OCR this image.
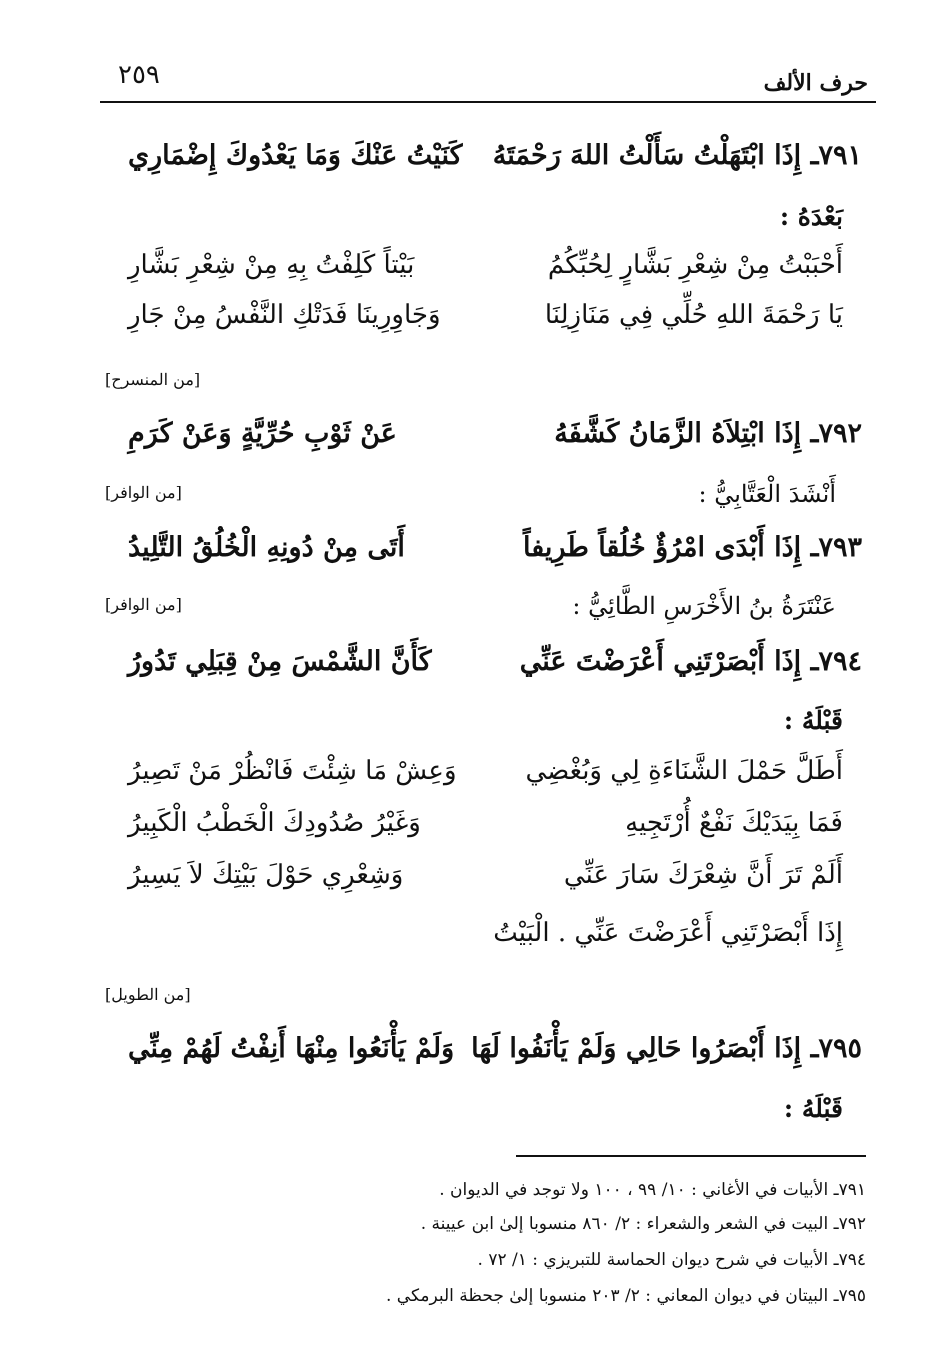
حرف الألف
٢٥٩
٧٩١ـ إِذَا ابْتَهَلْتُ سَأَلْتُ اللهَ رَحْمَتَهُ
كَنَيْتُ عَنْكَ وَمَا يَعْدُوكَ إِضْمَارِي
بَعْدَهُ :
أَحْبَبْتُ مِنْ شِعْرِ بَشَّارٍ لِحُبِّكُمُ
بَيْتاً كَلِفْتُ بِهِ مِنْ شِعْرِ بَشَّارِ
يَا رَحْمَةَ اللهِ حُلِّي فِي مَنَازِلِنَا
وَجَاوِرِينَا فَدَتْكِ النَّفْسُ مِنْ جَارِ
[من المنسرح]
٧٩٢ـ إِذَا ابْتِلاَهُ الزَّمَانُ كَشَّفَهُ
عَنْ ثَوْبِ حُرِّيَّةٍ وَعَنْ كَرَمِ
أَنْشَدَ الْعَتَّابِيُّ :
[من الوافر]
٧٩٣ـ إِذَا أَبْدَى امْرُؤٌ خُلُقاً طَرِيفاً
أَتَى مِنْ دُونِهِ الْخُلُقُ التَّلِيدُ
عَنْتَرَةُ بنُ الأَخْرَسِ الطَّائِيُّ :
[من الوافر]
٧٩٤ـ إِذَا أَبْصَرْتَنِي أَعْرَضْتَ عَنِّي
كَأَنَّ الشَّمْسَ مِنْ قِبَلِي تَدُورُ
قَبْلَهُ :
أَطَلَّ حَمْلَ الشَّنَاءَةِ لِي وَبُغْضِي
وَعِشْ مَا شِئْتَ فَانْظُرْ مَنْ تَصِيرُ
فَمَا بِيَدَيْكَ نَفْعٌ أُرْتَجِيهِ
وَغَيْرُ صُدُودِكَ الْخَطْبُ الْكَبِيرُ
أَلَمْ تَرَ أَنَّ شِعْرَكَ سَارَ عَنِّي
وَشِعْرِي حَوْلَ بَيْتِكَ لاَ يَسِيرُ
إِذَا أَبْصَرْتَنِي أَعْرَضْتَ عَنِّي . الْبَيْتُ
[من الطويل]
٧٩٥ـ إِذَا أَبْصَرُوا حَالِي وَلَمْ يَأْنَفُوا لَهَا
وَلَمْ يَأْنَعُوا مِنْهَا أَنِفْتُ لَهُمْ مِنِّي
قَبْلَهُ :
٧٩١ـ الأبيات في الأغاني : ١٠/ ٩٩ ، ١٠٠ ولا توجد في الديوان .
٧٩٢ـ البيت في الشعر والشعراء : ٢/ ٨٦٠ منسوبا إلىٰ ابن عيينة .
٧٩٤ـ الأبيات في شرح ديوان الحماسة للتبريزي : ١/ ٧٢ .
٧٩٥ـ البيتان في ديوان المعاني : ٢/ ٢٠٣ منسوبا إلىٰ جحظة البرمكي .
